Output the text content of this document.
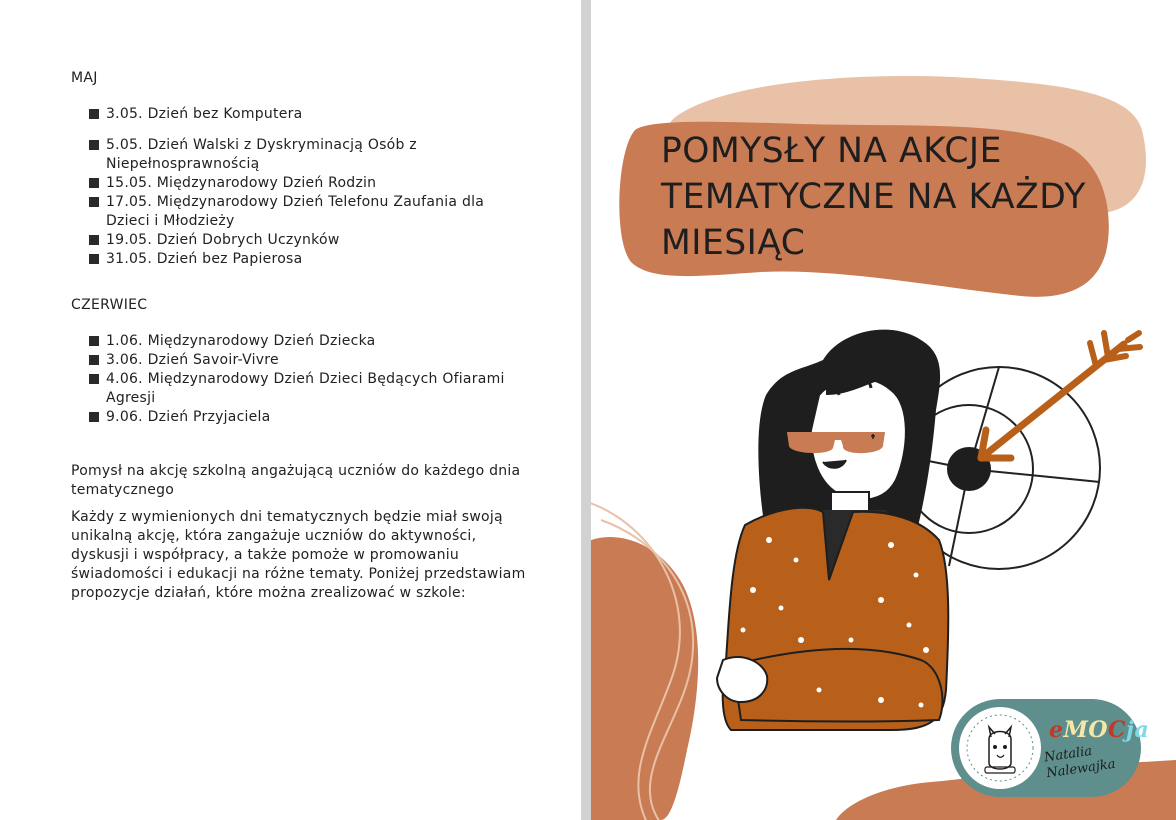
MAJ
3.05. Dzień bez Komputera
5.05. Dzień Walski z Dyskryminacją Osób z Niepełnosprawnością
15.05. Międzynarodowy Dzień Rodzin
17.05. Międzynarodowy Dzień Telefonu Zaufania dla Dzieci i Młodzieży
19.05. Dzień Dobrych Uczynków
31.05. Dzień bez Papierosa
CZERWIEC
1.06. Międzynarodowy Dzień Dziecka
3.06. Dzień Savoir-Vivre
4.06. Międzynarodowy Dzień Dzieci Będących Ofiarami Agresji
9.06. Dzień Przyjaciela

Pomysł na akcję szkolną angażującą uczniów do każdego dnia tematycznego

Każdy z wymienionych dni tematycznych będzie miał swoją unikalną akcję, która zangażuje uczniów do aktywności, dyskusji i współpracy, a także pomoże w promowaniu świadomości i edukacji na różne tematy. Poniżej przedstawiam propozycje działań, które można zrealizować w szkole:

POMYSŁY NA AKCJE TEMATYCZNE NA KAŻDY MIESIĄC
eMOCja
Natalia Nalewajka
